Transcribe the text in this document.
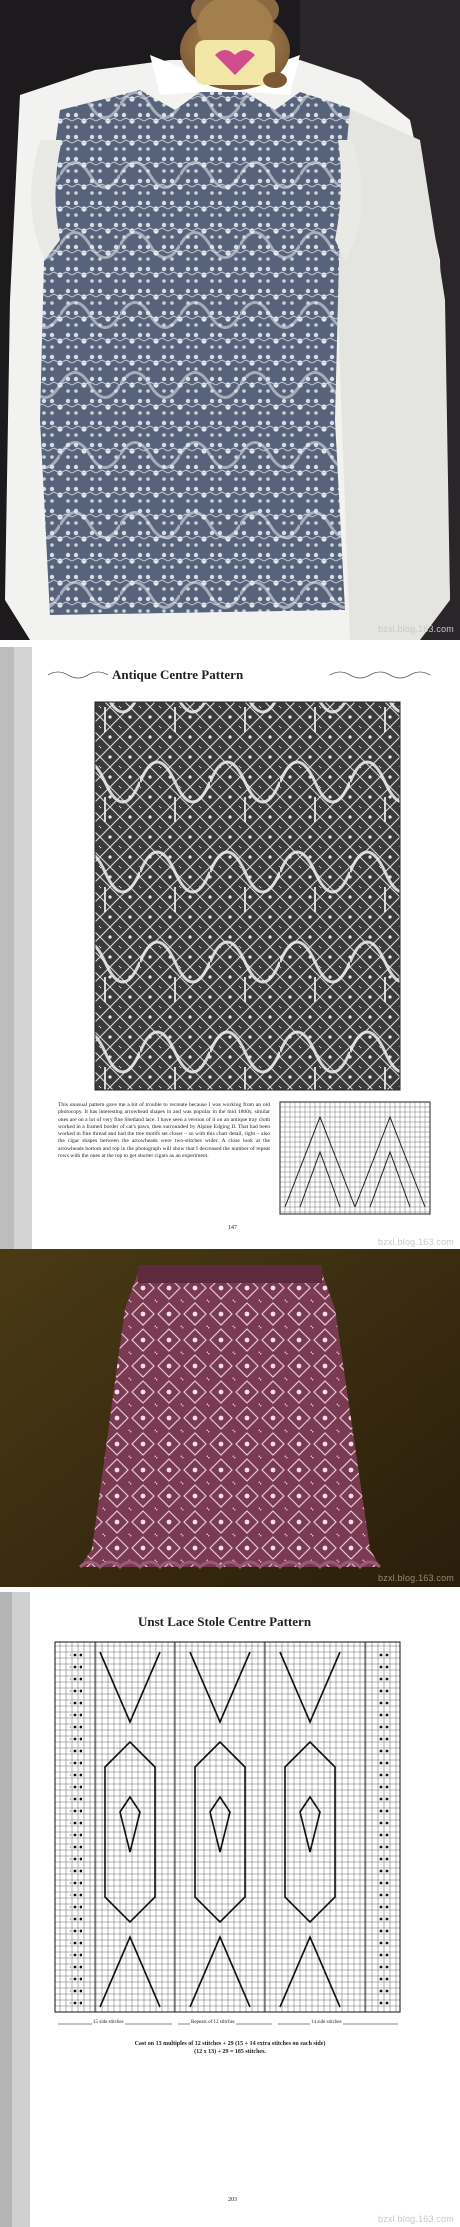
bzxl.blog.163.com
Antique Centre Pattern
This unusual pattern gave me a bit of trouble to recreate because I was working from an old photocopy. It has interesting arrowhead shapes in and was popular in the mid 1800s, similar ones are on a lot of very fine Shetland lace. I have seen a version of it on an antique tray cloth worked in a framed border of cat's paws, then surrounded by Alpine Edging II. That had been worked in fine thread and had the tree motifs set closer – so with this chart detail, right – also the cigar shapes between the arrowheads were two-stitches wider. A close look at the arrowheads bottom and top in the photograph will show that I decreased the number of repeat rows with the ones at the top to get shorter cigars as an experiment.
147
bzxl.blog.163.com
bzxl.blog.163.com
Unst Lace Stole Centre Pattern
15 side stitches	Repeats of 12 stitches	14 side stitches
Cast on 13 multiples of 12 stitches + 29 (15 + 14 extra stitches on each side)
(12 x 13) + 29 = 185 stitches.
203
bzxl.blog.163.com
